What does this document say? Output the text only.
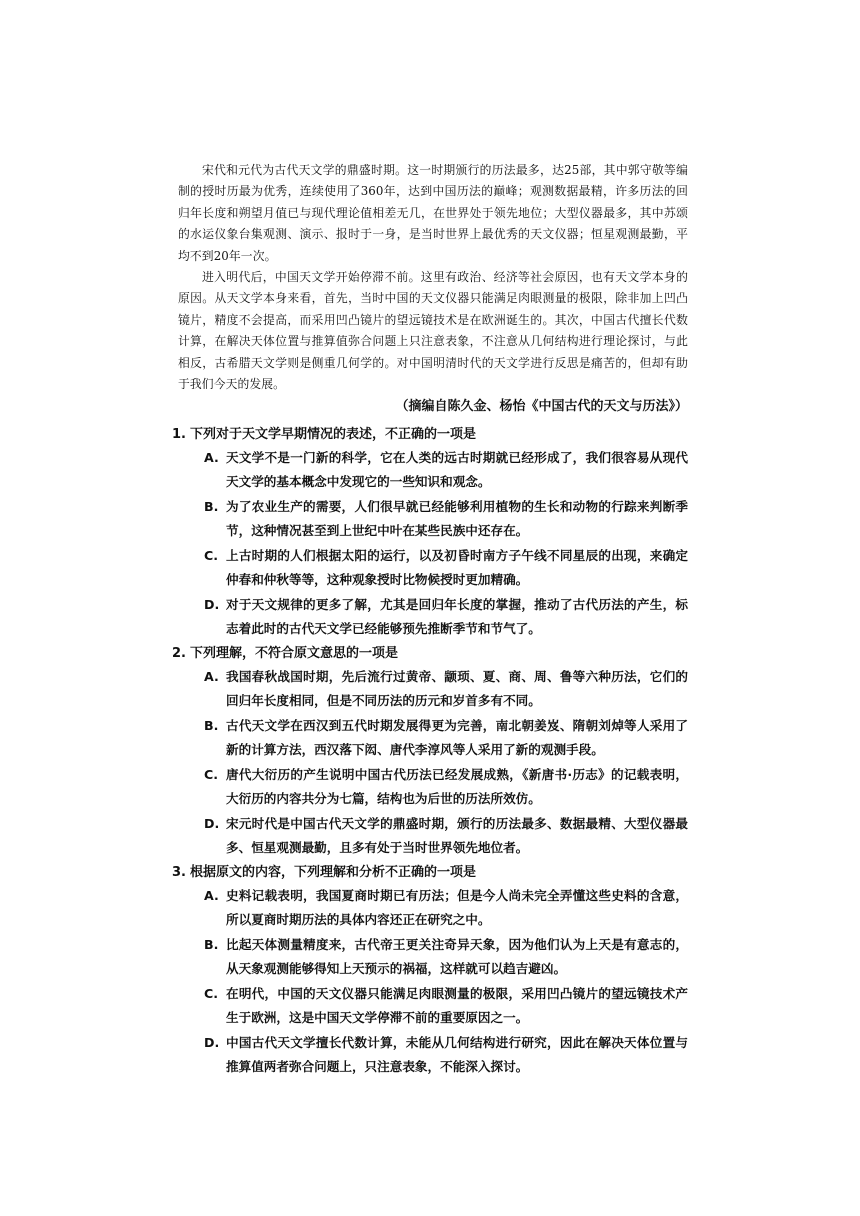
宋代和元代为古代天文学的鼎盛时期。这一时期颁行的历法最多，达25部，其中郭守敬等编制的授时历最为优秀，连续使用了360年，达到中国历法的巅峰；观测数据最精，许多历法的回归年长度和朔望月值已与现代理论值相差无几，在世界处于领先地位；大型仪器最多，其中苏颂的水运仪象台集观测、演示、报时于一身，是当时世界上最优秀的天文仪器；恒星观测最勤，平均不到20年一次。

进入明代后，中国天文学开始停滞不前。这里有政治、经济等社会原因，也有天文学本身的原因。从天文学本身来看，首先，当时中国的天文仪器只能满足肉眼测量的极限，除非加上凹凸镜片，精度不会提高，而采用凹凸镜片的望远镜技术是在欧洲诞生的。其次，中国古代擅长代数计算，在解决天体位置与推算值弥合问题上只注意表象，不注意从几何结构进行理论探讨，与此相反，古希腊天文学则是侧重几何学的。对中国明清时代的天文学进行反思是痛苦的，但却有助于我们今天的发展。

（摘编自陈久金、杨怡《中国古代的天文与历法》）

1. 下列对于天文学早期情况的表述，不正确的一项是

A. 天文学不是一门新的科学，它在人类的远古时期就已经形成了，我们很容易从现代天文学的基本概念中发现它的一些知识和观念。
B. 为了农业生产的需要，人们很早就已经能够利用植物的生长和动物的行踪来判断季节，这种情况甚至到上世纪中叶在某些民族中还存在。
C. 上古时期的人们根据太阳的运行，以及初昏时南方子午线不同星辰的出现，来确定仲春和仲秋等等，这种观象授时比物候授时更加精确。
D. 对于天文规律的更多了解，尤其是回归年长度的掌握，推动了古代历法的产生，标志着此时的古代天文学已经能够预先推断季节和节气了。

2. 下列理解，不符合原文意思的一项是

A. 我国春秋战国时期，先后流行过黄帝、颛顼、夏、商、周、鲁等六种历法，它们的回归年长度相同，但是不同历法的历元和岁首多有不同。
B. 古代天文学在西汉到五代时期发展得更为完善，南北朝姜岌、隋朝刘焯等人采用了新的计算方法，西汉落下闳、唐代李淳风等人采用了新的观测手段。
C. 唐代大衍历的产生说明中国古代历法已经发展成熟，《新唐书·历志》的记载表明，大衍历的内容共分为七篇，结构也为后世的历法所效仿。
D. 宋元时代是中国古代天文学的鼎盛时期，颁行的历法最多、数据最精、大型仪器最多、恒星观测最勤，且多有处于当时世界领先地位者。

3. 根据原文的内容，下列理解和分析不正确的一项是

A. 史料记载表明，我国夏商时期已有历法；但是今人尚未完全弄懂这些史料的含意，所以夏商时期历法的具体内容还正在研究之中。
B. 比起天体测量精度来，古代帝王更关注奇异天象，因为他们认为上天是有意志的，从天象观测能够得知上天预示的祸福，这样就可以趋吉避凶。
C. 在明代，中国的天文仪器只能满足肉眼测量的极限，采用凹凸镜片的望远镜技术产生于欧洲，这是中国天文学停滞不前的重要原因之一。
D. 中国古代天文学擅长代数计算，未能从几何结构进行研究，因此在解决天体位置与推算值两者弥合问题上，只注意表象，不能深入探讨。
